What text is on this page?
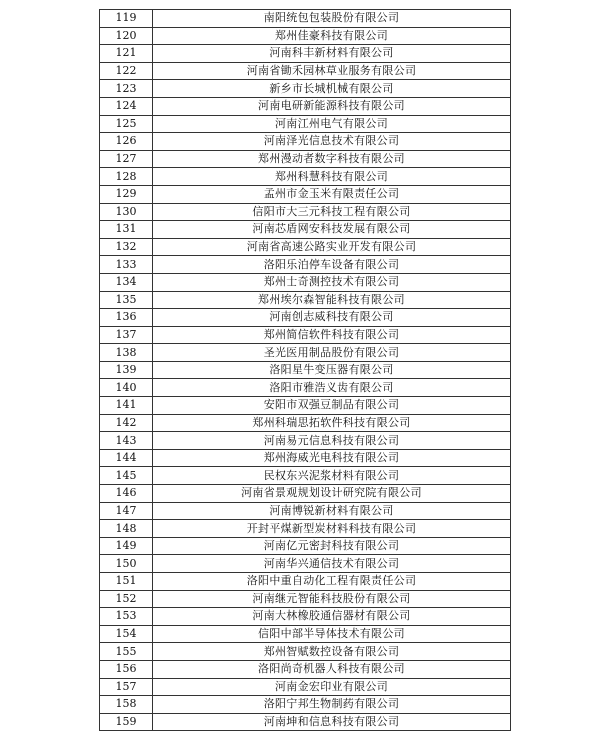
119	南阳统包包装股份有限公司
120	郑州佳豪科技有限公司
121	河南科丰新材料有限公司
122	河南省锄禾园林草业服务有限公司
123	新乡市长城机械有限公司
124	河南电研新能源科技有限公司
125	河南江州电气有限公司
126	河南泽光信息技术有限公司
127	郑州漫动者数字科技有限公司
128	郑州科慧科技有限公司
129	孟州市金玉米有限责任公司
130	信阳市大三元科技工程有限公司
131	河南芯盾网安科技发展有限公司
132	河南省高速公路实业开发有限公司
133	洛阳乐泊停车设备有限公司
134	郑州士奇测控技术有限公司
135	郑州埃尔森智能科技有限公司
136	河南创志威科技有限公司
137	郑州简信软件科技有限公司
138	圣光医用制品股份有限公司
139	洛阳星牛变压器有限公司
140	洛阳市雅浩义齿有限公司
141	安阳市双强豆制品有限公司
142	郑州科瑞思拓软件科技有限公司
143	河南易元信息科技有限公司
144	郑州海威光电科技有限公司
145	民权东兴泥浆材料有限公司
146	河南省景观规划设计研究院有限公司
147	河南博锐新材料有限公司
148	开封平煤新型炭材料科技有限公司
149	河南亿元密封科技有限公司
150	河南华兴通信技术有限公司
151	洛阳中重自动化工程有限责任公司
152	河南继元智能科技股份有限公司
153	河南大林橡胶通信器材有限公司
154	信阳中部半导体技术有限公司
155	郑州智赋数控设备有限公司
156	洛阳尚奇机器人科技有限公司
157	河南金宏印业有限公司
158	洛阳宁邦生物制药有限公司
159	河南坤和信息科技有限公司
